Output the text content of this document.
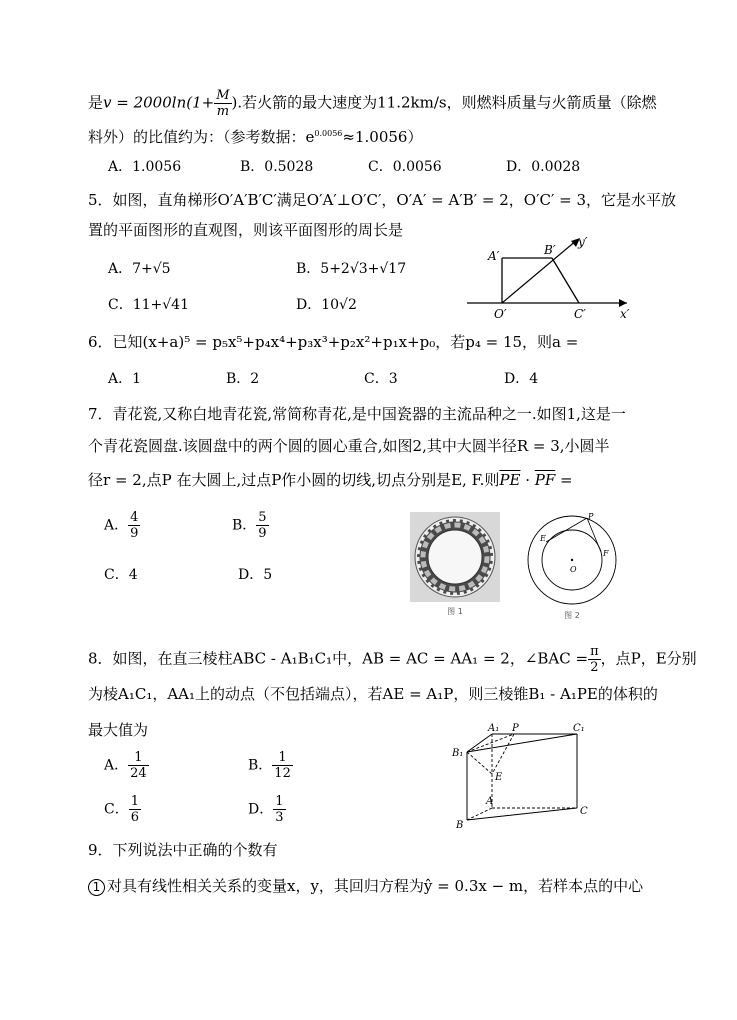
是$v = 2000\ln(1+ \frac{M}{m}$ ).若火箭的最大速度为11.2km/s，则燃料质量与火箭质量（除燃
料外）的比值约为：（参考数据：$e^{0.0056}\approx 1.0056$）
A．1.0056	B．0.5028	C．0.0056	D．0.0028
5．如图，直角梯形O′A′B′C′满足O′A′⊥O′C′，O′A′ = A′B′ = 2，O′C′ = 3，它是水平放
置的平面图形的直观图，则该平面图形的周长是
A．7+√5	B．5+2√3+√17
C．11+√41	D．10√2
A′	B′
y′
O′	C′	x′
6．已知(x+a)⁵ = p₅x⁵+p₄x⁴+p₃x³+p₂x²+p₁x+p₀，若p₄ = 15，则a =
A．1	B．2	C．3	D．4
7．青花瓷,又称白地青花瓷,常简称青花,是中国瓷器的主流品种之一.如图1,这是一
个青花瓷圆盘.该圆盘中的两个圆的圆心重合,如图2,其中大圆半径R = 3,小圆半
径r = 2,点P 在大圆上,过点P作小圆的切线,切点分别是E, F.则$\overline{PE} \cdot \overline{PF}$ =
A． $\frac{4}{9}$	B． $\frac{5}{9}$
C．4	D．5
图 1
P
E
F
O
图 2
8．如图，在直三棱柱ABC - A₁B₁C₁中，AB = AC = AA₁ = 2，∠BAC = $\frac{\pi}{2}$ ，点P，E分别
为棱A₁C₁，AA₁上的动点（不包括端点），若AE = A₁P，则三棱锥B₁ - A₁PE的体积的
最大值为
A． $\frac{1}{24}$	B． $\frac{1}{12}$
C． $\frac{1}{6}$	D． $\frac{1}{3}$
A₁ P	C₁
B₁
E
A
C
B
9．下列说法中正确的个数有
1 对具有线性相关关系的变量x，y，其回归方程为ŷ = 0.3x − m，若样本点的中心
